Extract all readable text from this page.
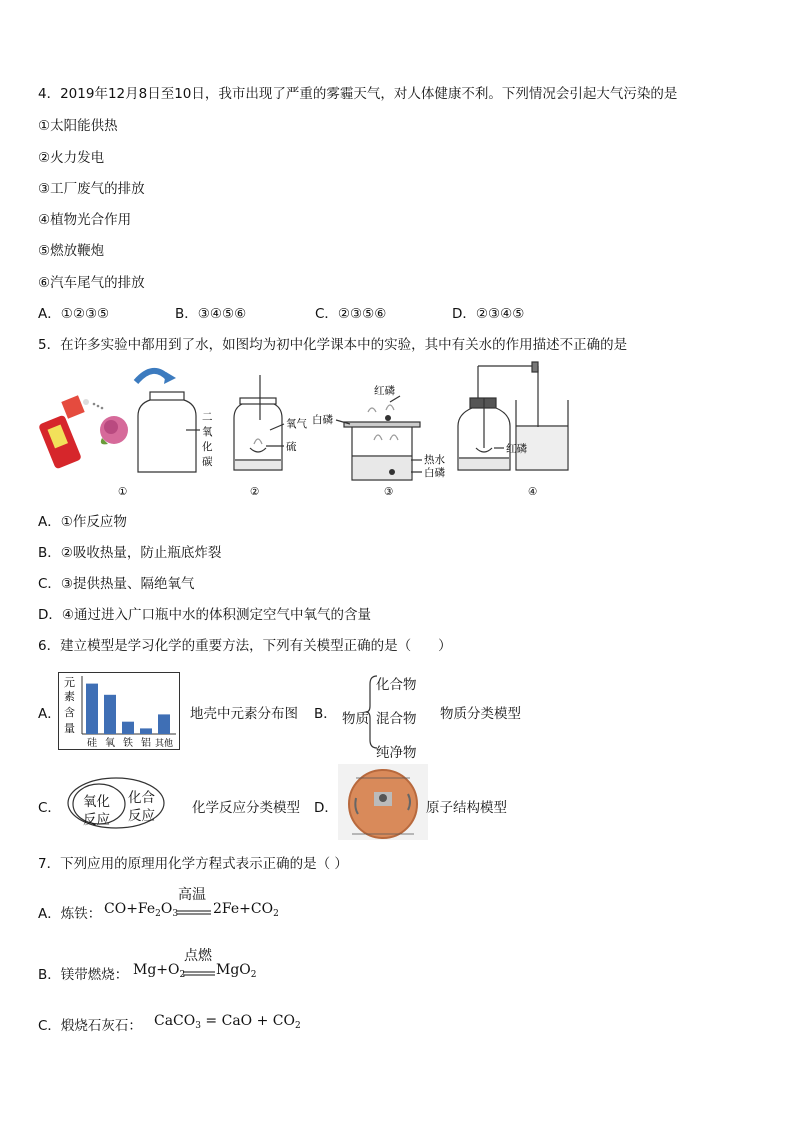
4．2019年12月8日至10日，我市出现了严重的雾霾天气，对人体健康不利。下列情况会引起大气污染的是
①太阳能供热
②火力发电
③工厂废气的排放
④植物光合作用
⑤燃放鞭炮
⑥汽车尾气的排放
A．①②③⑤	B．③④⑤⑥	C．②③⑤⑥	D．②③④⑤
5．在许多实验中都用到了水，如图均为初中化学课本中的实验，其中有关水的作用描述不正确的是
二
氧
化
碳
氧气
硫
红磷
白磷
热水
白磷
红磷
①	②	③	④
A．①作反应物
B．②吸收热量，防止瓶底炸裂
C．③提供热量、隔绝氧气
D．④通过进入广口瓶中水的体积测定空气中氧气的含量
6．建立模型是学习化学的重要方法，下列有关模型正确的是（　　）
A．
元
素
含
量
硅 氧 铁 铝 其他
地壳中元素分布图 B． 物质
化合物
混合物
纯净物
物质分类模型
C． 氧化
反应
化合
反应	化学反应分类模型 D．	原子结构模型
7．下列应用的原理用化学方程式表示正确的是（ ）
A．炼铁： $CO+Fe_2O_3$
高温
$2Fe+CO_2$
B．镁带燃烧： $Mg+O_2$
点燃
MgO$_2$
C．煅烧石灰石： CaCO$_3$ = CaO + $CO_2$
